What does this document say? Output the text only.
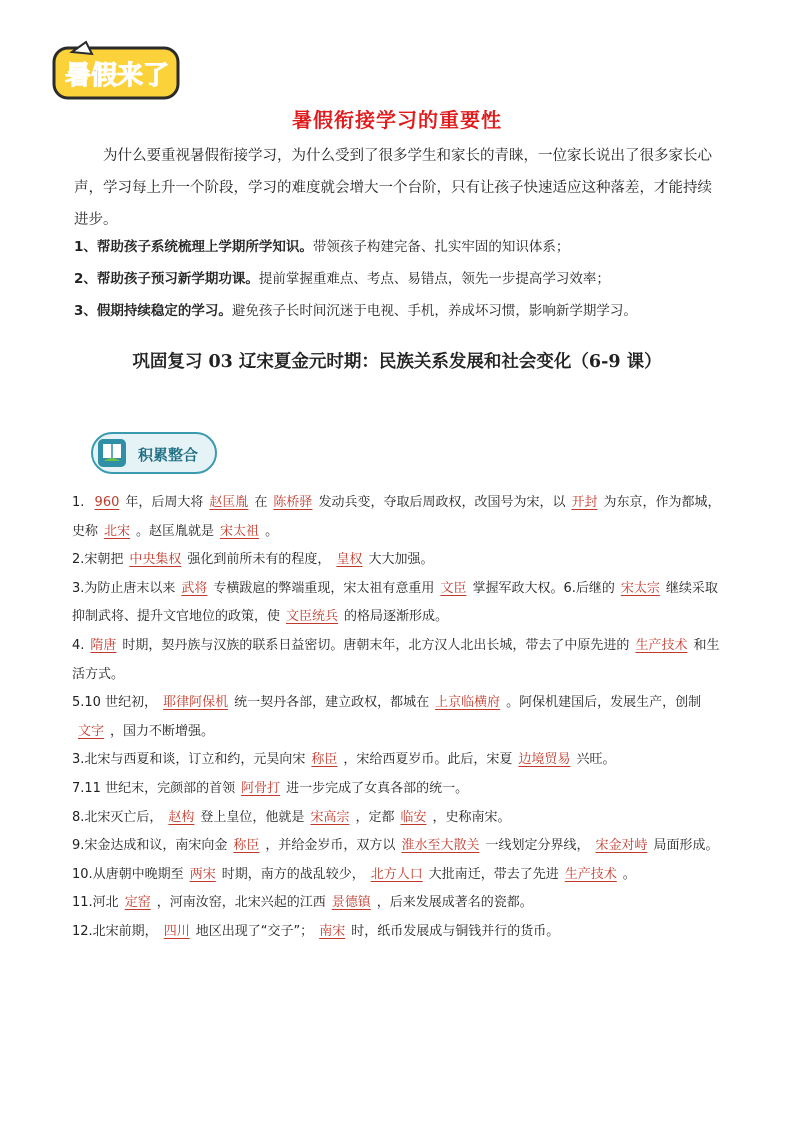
暑假来了
暑假衔接学习的重要性

为什么要重视暑假衔接学习，为什么受到了很多学生和家长的青睐，一位家长说出了很多家长心声，学习每上升一个阶段，学习的难度就会增大一个台阶，只有让孩子快速适应这种落差，才能持续进步。

1、帮助孩子系统梳理上学期所学知识。带领孩子构建完备、扎实牢固的知识体系；
2、帮助孩子预习新学期功课。提前掌握重难点、考点、易错点，领先一步提高学习效率；
3、假期持续稳定的学习。避免孩子长时间沉迷于电视、手机，养成坏习惯，影响新学期学习。
巩固复习 03 辽宋夏金元时期：民族关系发展和社会变化（6-9 课）
积累整合
1. 960 年，后周大将 赵匡胤 在 陈桥驿 发动兵变，夺取后周政权，改国号为宋，以 开封 为东京，作为都城，史称 北宋 。赵匡胤就是 宋太祖 。
2.宋朝把 中央集权 强化到前所未有的程度， 皇权 大大加强。
3.为防止唐末以来 武将 专横跋扈的弊端重现，宋太祖有意重用 文臣 掌握军政大权。6.后继的 宋太宗 继续采取抑制武将、提升文官地位的政策，使 文臣统兵 的格局逐渐形成。
4. 隋唐 时期，契丹族与汉族的联系日益密切。唐朝末年，北方汉人北出长城，带去了中原先进的 生产技术 和生活方式。
5.10 世纪初， 耶律阿保机 统一契丹各部，建立政权，都城在 上京临横府 。阿保机建国后，发展生产，创制文字 ，国力不断增强。
3.北宋与西夏和谈，订立和约，元昊向宋 称臣 ，宋给西夏岁币。此后，宋夏 边境贸易 兴旺。
7.11 世纪末，完颜部的首领 阿骨打 进一步完成了女真各部的统一。
8.北宋灭亡后， 赵构 登上皇位，他就是 宋高宗 ，定都 临安 ，史称南宋。
9.宋金达成和议，南宋向金 称臣 ，并给金岁币，双方以 淮水至大散关 一线划定分界线， 宋金对峙 局面形成。
10.从唐朝中晚期至 两宋 时期，南方的战乱较少， 北方人口 大批南迁，带去了先进 生产技术 。
11.河北 定窑 ，河南汝窑，北宋兴起的江西 景德镇 ，后来发展成著名的瓷都。
12.北宋前期， 四川 地区出现了“交子”； 南宋 时，纸币发展成与铜钱并行的货币。
